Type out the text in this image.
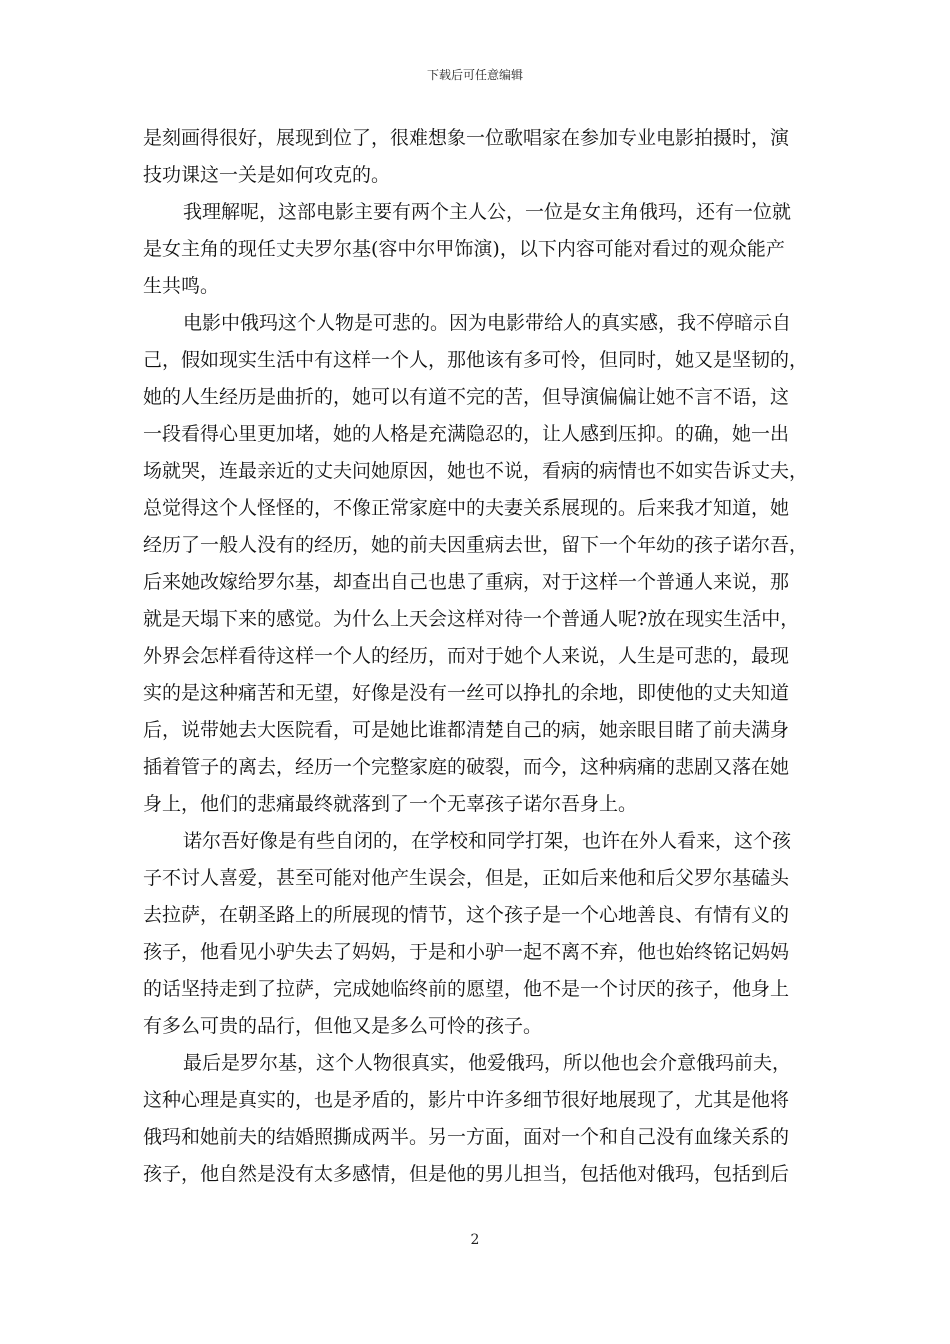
下载后可任意编辑

是刻画得很好，展现到位了，很难想象一位歌唱家在参加专业电影拍摄时，演
技功课这一关是如何攻克的。

我理解呢，这部电影主要有两个主人公，一位是女主角俄玛，还有一位就
是女主角的现任丈夫罗尔基(容中尔甲饰演)，以下内容可能对看过的观众能产
生共鸣。

电影中俄玛这个人物是可悲的。因为电影带给人的真实感，我不停暗示自
己，假如现实生活中有这样一个人，那他该有多可怜，但同时，她又是坚韧的，
她的人生经历是曲折的，她可以有道不完的苦，但导演偏偏让她不言不语，这
一段看得心里更加堵，她的人格是充满隐忍的，让人感到压抑。的确，她一出
场就哭，连最亲近的丈夫问她原因，她也不说，看病的病情也不如实告诉丈夫，
总觉得这个人怪怪的，不像正常家庭中的夫妻关系展现的。后来我才知道，她
经历了一般人没有的经历，她的前夫因重病去世，留下一个年幼的孩子诺尔吾，
后来她改嫁给罗尔基，却查出自己也患了重病，对于这样一个普通人来说，那
就是天塌下来的感觉。为什么上天会这样对待一个普通人呢?放在现实生活中，
外界会怎样看待这样一个人的经历，而对于她个人来说，人生是可悲的，最现
实的是这种痛苦和无望，好像是没有一丝可以挣扎的余地，即使他的丈夫知道
后，说带她去大医院看，可是她比谁都清楚自己的病，她亲眼目睹了前夫满身
插着管子的离去，经历一个完整家庭的破裂，而今，这种病痛的悲剧又落在她
身上，他们的悲痛最终就落到了一个无辜孩子诺尔吾身上。

诺尔吾好像是有些自闭的，在学校和同学打架，也许在外人看来，这个孩
子不讨人喜爱，甚至可能对他产生误会，但是，正如后来他和后父罗尔基磕头
去拉萨，在朝圣路上的所展现的情节，这个孩子是一个心地善良、有情有义的
孩子，他看见小驴失去了妈妈，于是和小驴一起不离不弃，他也始终铭记妈妈
的话坚持走到了拉萨，完成她临终前的愿望，他不是一个讨厌的孩子，他身上
有多么可贵的品行，但他又是多么可怜的孩子。

最后是罗尔基，这个人物很真实，他爱俄玛，所以他也会介意俄玛前夫，
这种心理是真实的，也是矛盾的，影片中许多细节很好地展现了，尤其是他将
俄玛和她前夫的结婚照撕成两半。另一方面，面对一个和自己没有血缘关系的
孩子，他自然是没有太多感情，但是他的男儿担当，包括他对俄玛，包括到后

2
